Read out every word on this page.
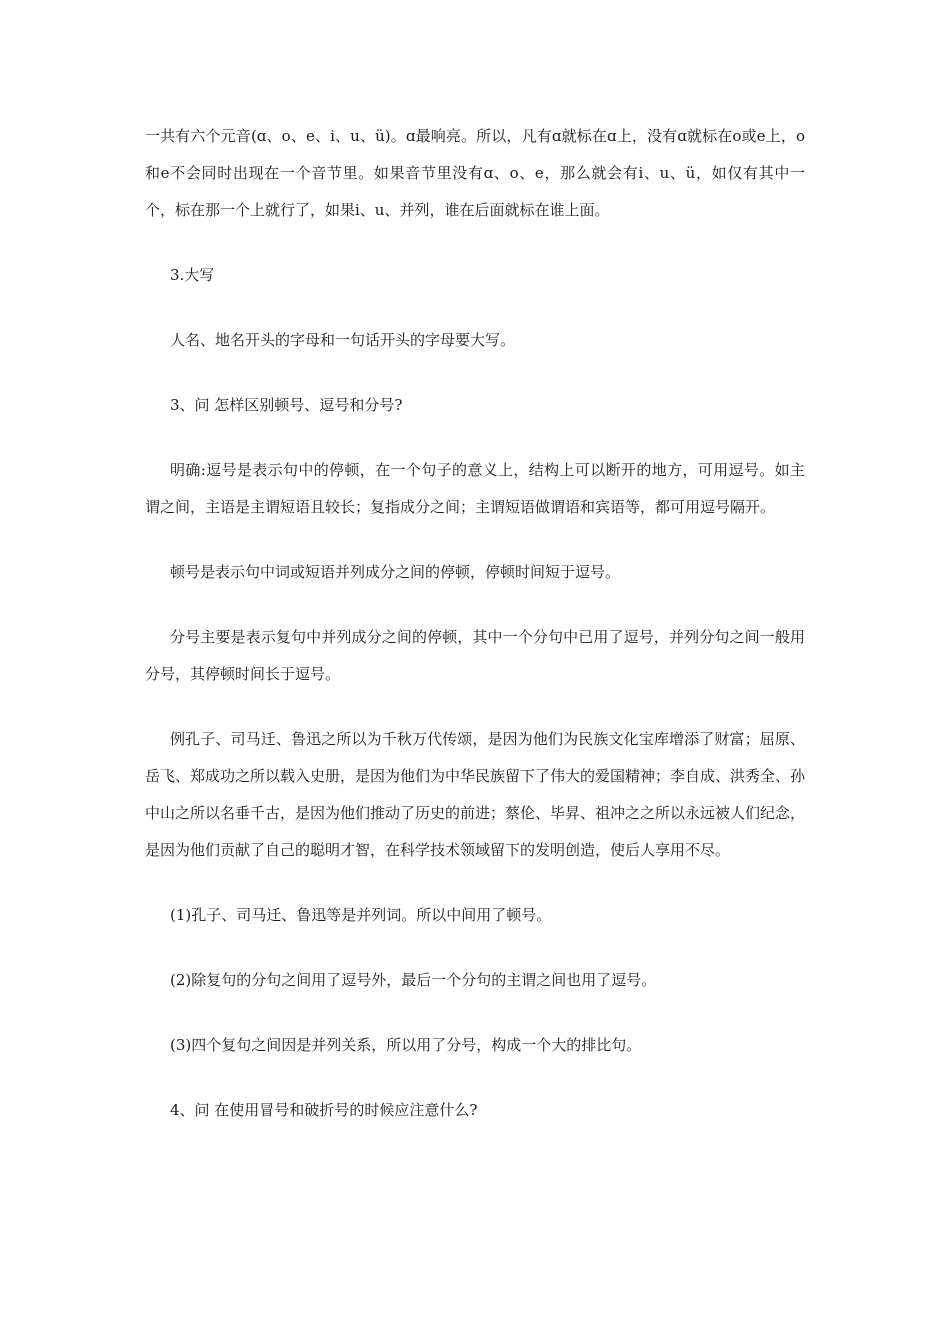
一共有六个元音(ɑ、o、e、i、u、ü)。ɑ最响亮。所以，凡有ɑ就标在ɑ上，没有ɑ就标在o或e上，o和e不会同时出现在一个音节里。如果音节里没有ɑ、o、e，那么就会有i、u、ü，如仅有其中一个，标在那一个上就行了，如果i、u、并列，谁在后面就标在谁上面。

3.大写

人名、地名开头的字母和一句话开头的字母要大写。

3、问 怎样区别顿号、逗号和分号?

明确:逗号是表示句中的停顿，在一个句子的意义上，结构上可以断开的地方，可用逗号。如主谓之间，主语是主谓短语且较长；复指成分之间；主谓短语做谓语和宾语等，都可用逗号隔开。

顿号是表示句中词或短语并列成分之间的停顿，停顿时间短于逗号。

分号主要是表示复句中并列成分之间的停顿，其中一个分句中已用了逗号，并列分句之间一般用分号，其停顿时间长于逗号。

例孔子、司马迁、鲁迅之所以为千秋万代传颂，是因为他们为民族文化宝库增添了财富；屈原、岳飞、郑成功之所以载入史册，是因为他们为中华民族留下了伟大的爱国精神；李自成、洪秀全、孙中山之所以名垂千古，是因为他们推动了历史的前进；蔡伦、毕昇、祖冲之之所以永远被人们纪念，是因为他们贡献了自己的聪明才智，在科学技术领域留下的发明创造，使后人享用不尽。

(1)孔子、司马迁、鲁迅等是并列词。所以中间用了顿号。

(2)除复句的分句之间用了逗号外，最后一个分句的主谓之间也用了逗号。

(3)四个复句之间因是并列关系，所以用了分号，构成一个大的排比句。

4、问 在使用冒号和破折号的时候应注意什么?
